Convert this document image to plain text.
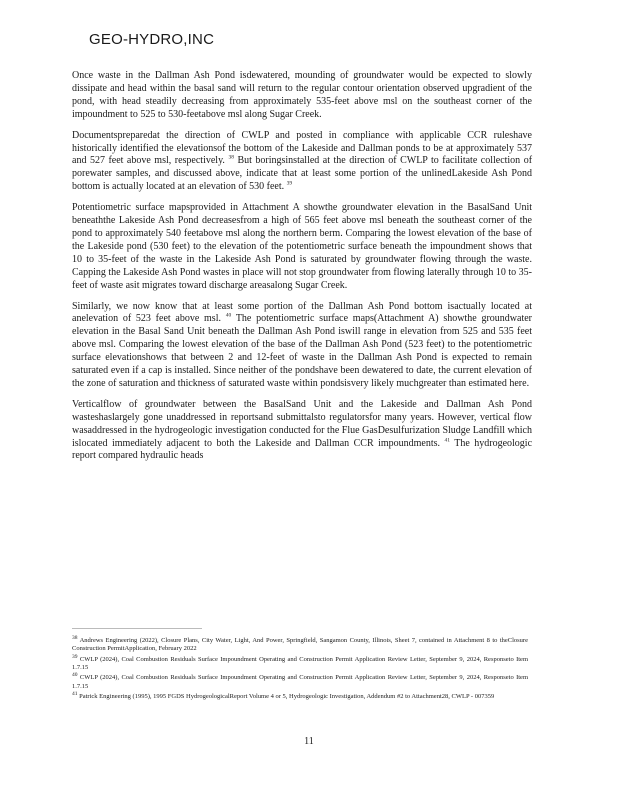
GEO-HYDRO,INC

Once waste in the Dallman Ash Pond isdewatered, mounding of groundwater would be expected to slowly dissipate and head within the basal sand will return to the regular contour orientation observed upgradient of the pond, with head steadily decreasing from approximately 535-feet above msl on the southeast corner of the impoundment to 525 to 530-feetabove msl along Sugar Creek.

Documentspreparedat the direction of CWLP and posted in compliance with applicable CCR ruleshave historically identified the elevationsof the bottom of the Lakeside and Dallman ponds to be at approximately 537 and 527 feet above msl, respectively. $^{38}$ But boringsinstalled at the direction of CWLP to facilitate collection of porewater samples, and discussed above, indicate that at least some portion of the unlinedLakeside Ash Pond bottom is actually located at an elevation of 530 feet. $^{39}$

Potentiometric surface mapsprovided in Attachment A showthe groundwater elevation in the BasalSand Unit beneaththe Lakeside Ash Pond decreasesfrom a high of 565 feet above msl beneath the southeast corner of the pond to approximately 540 feetabove msl along the northern berm. Comparing the lowest elevation of the base of the Lakeside pond (530 feet) to the elevation of the potentiometric surface beneath the impoundment shows that 10 to 35-feet of the waste in the Lakeside Ash Pond is saturated by groundwater flowing through the waste. Capping the Lakeside Ash Pond wastes in place will not stop groundwater from flowing laterally through 10 to 35-feet of waste asit migrates toward discharge areasalong Sugar Creek.

Similarly, we now know that at least some portion of the Dallman Ash Pond bottom isactually located at anelevation of 523 feet above msl. $^{40}$ The potentiometric surface maps(Attachment A) showthe groundwater elevation in the Basal Sand Unit beneath the Dallman Ash Pond iswill range in elevation from 525 and 535 feet above msl. Comparing the lowest elevation of the base of the Dallman Ash Pond (523 feet) to the potentiometric surface elevationshows that between 2 and 12-feet of waste in the Dallman Ash Pond is expected to remain saturated even if a cap is installed. Since neither of the pondshave been dewatered to date, the current elevation of the zone of saturation and thickness of saturated waste within pondsisvery likely muchgreater than estimated here.

Verticalflow of groundwater between the BasalSand Unit and the Lakeside and Dallman Ash Pond wasteshaslargely gone unaddressed in reportsand submittalsto regulatorsfor many years. However, vertical flow wasaddressed in the hydrogeologic investigation conducted for the Flue GasDesulfurization Sludge Landfill which islocated immediately adjacent to both the Lakeside and Dallman CCR impoundments. $^{41}$ The hydrogeologic report compared hydraulic heads

$^{38}$ Andrews Engineering (2022), Closure Plans, City Water, Light, And Power, Springfield, Sangamon County, Illinois, Sheet 7, contained in Attachment 8 to theClosure Construction PermitApplication, February 2022
$^{39}$ CWLP (2024), Coal Combustion Residuals Surface Impoundment Operating and Construction Permit Application Review Letter, September 9, 2024, Responseto Item 1.7.15
$^{40}$ CWLP (2024), Coal Combustion Residuals Surface Impoundment Operating and Construction Permit Application Review Letter, September 9, 2024, Responseto Item 1.7.15
$^{41}$ Patrick Engineering (1995), 1995 FGDS HydrogeologicalReport Volume 4 or 5, Hydrogeologic Investigation, Addendum #2 to Attachment28, CWLP - 007359
11
